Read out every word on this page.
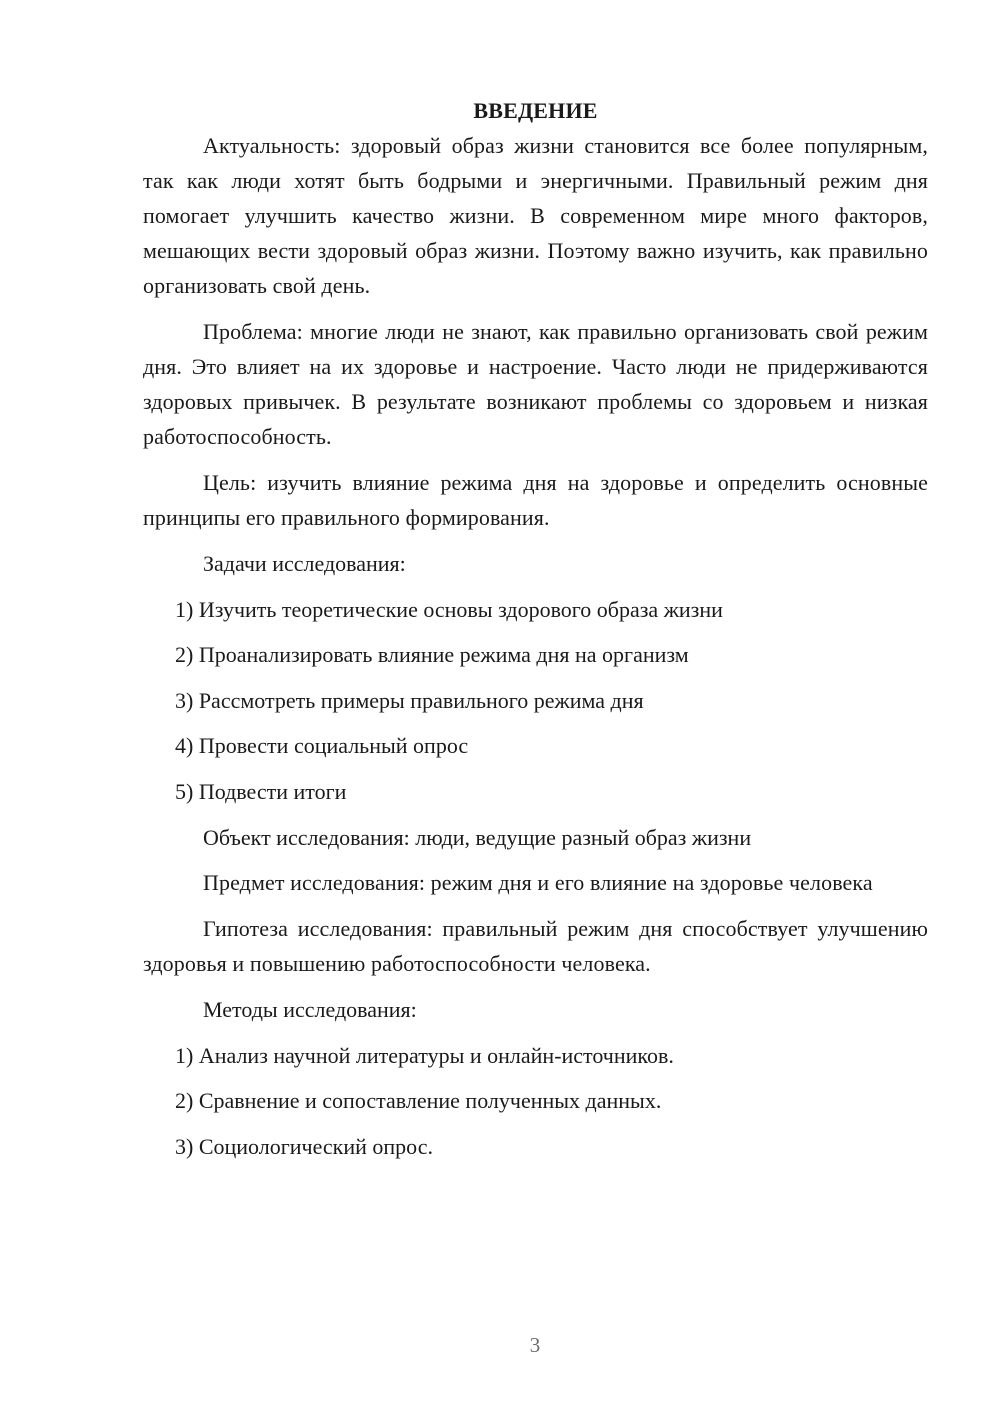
ВВЕДЕНИЕ

Актуальность: здоровый образ жизни становится все более популярным, так как люди хотят быть бодрыми и энергичными. Правильный режим дня помогает улучшить качество жизни. В современном мире много факторов, мешающих вести здоровый образ жизни. Поэтому важно изучить, как правильно организовать свой день.

Проблема: многие люди не знают, как правильно организовать свой режим дня. Это влияет на их здоровье и настроение. Часто люди не придерживаются здоровых привычек. В результате возникают проблемы со здоровьем и низкая работоспособность.

Цель: изучить влияние режима дня на здоровье и определить основные принципы его правильного формирования.

Задачи исследования:
1) Изучить теоретические основы здорового образа жизни
2) Проанализировать влияние режима дня на организм
3) Рассмотреть примеры правильного режима дня
4) Провести социальный опрос
5) Подвести итоги
Объект исследования: люди, ведущие разный образ жизни

Предмет исследования: режим дня и его влияние на здоровье человека

Гипотеза исследования: правильный режим дня способствует улучшению здоровья и повышению работоспособности человека.

Методы исследования:
1) Анализ научной литературы и онлайн-источников.
2) Сравнение и сопоставление полученных данных.
3) Социологический опрос.
3
